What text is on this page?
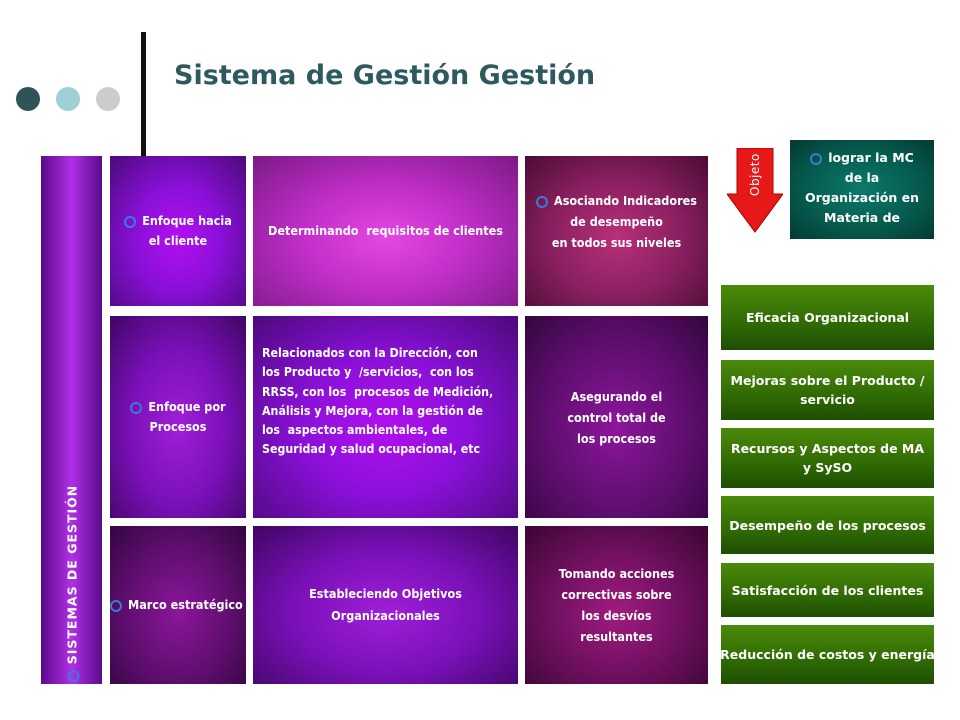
Sistema de Gestión Gestión
SISTEMAS DE GESTIÓN
Enfoque hacia
el cliente
Enfoque por
Procesos
Marco estratégico
Determinando  requisitos de clientes
Relacionados con la Dirección, con
los Producto y  /servicios,  con los
RRSS, con los  procesos de Medición,
Análisis y Mejora, con la gestión de
los  aspectos ambientales, de
Seguridad y salud ocupacional, etc
Estableciendo Objetivos
Organizacionales
Asociando Indicadores
de desempeño
en todos sus niveles
Asegurando el
control total de
los procesos
Tomando acciones
correctivas sobre
los desvíos
resultantes
Objeto	lograr la MC
de la
Organización en
Materia de
Eficacia Organizacional
Mejoras sobre el Producto /
servicio
Recursos y Aspectos de MA
y SySO
Desempeño de los procesos
Satisfacción de los clientes
Reducción de costos y energía
